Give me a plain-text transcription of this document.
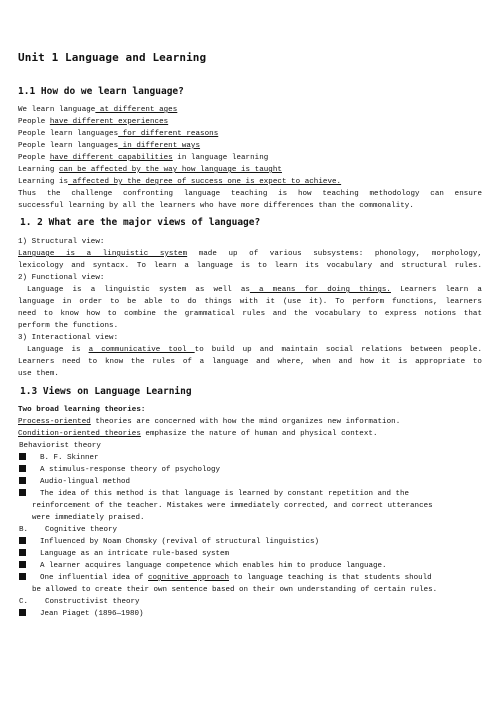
Unit 1 Language and Learning
1.1 How do we learn language?
We learn language at different ages
People have different experiences
People learn languages for different reasons
People learn languages in different ways
People have different capabilities in language learning
Learning can be affected by the way how language is taught
Learning is affected by the degree of success one is expect to achieve.
Thus the challenge confronting language teaching is how teaching methodology can ensure
successful learning by all the learners who have more differences than the commonality.
1. 2 What are the major views of language?
1) Structural view:
Language is a linguistic system made up of various subsystems: phonology, morphology,
lexicology and syntacx. To learn a language is to learn its vocabulary and structural rules.
2) Functional view:
Language is a linguistic system as well as a means for doing things. Learners learn a
language in order to be able to do things with it (use it). To perform functions, learners
need to know how to combine the grammatical rules and the vocabulary to express notions that
perform the functions.
3) Interactional view:
Language is a communicative tool to build up and maintain social relations between people.
Learners need to know the rules of a language and where, when and how it is appropriate to
use them.
1.3 Views on Language Learning
Two broad learning theories:
Process-oriented theories are concerned with how the mind organizes new information.
Condition-oriented theories emphasize the nature of human and physical context.
Behaviorist theory
B. F. Skinner
A stimulus-response theory of psychology
Audio-lingual method
The idea of this method is that language is learned by constant repetition and the
reinforcement of the teacher. Mistakes were immediately corrected, and correct utterances
were immediately praised.
B. Cognitive theory
Influenced by Noam Chomsky (revival of structural linguistics)
Language as an intricate rule-based system
A learner acquires language competence which enables him to produce language.
One influential idea of cognitive approach to language teaching is that students should
be allowed to create their own sentence based on their own understanding of certain rules.
C. Constructivist theory
Jean Piaget (1896—1980)
